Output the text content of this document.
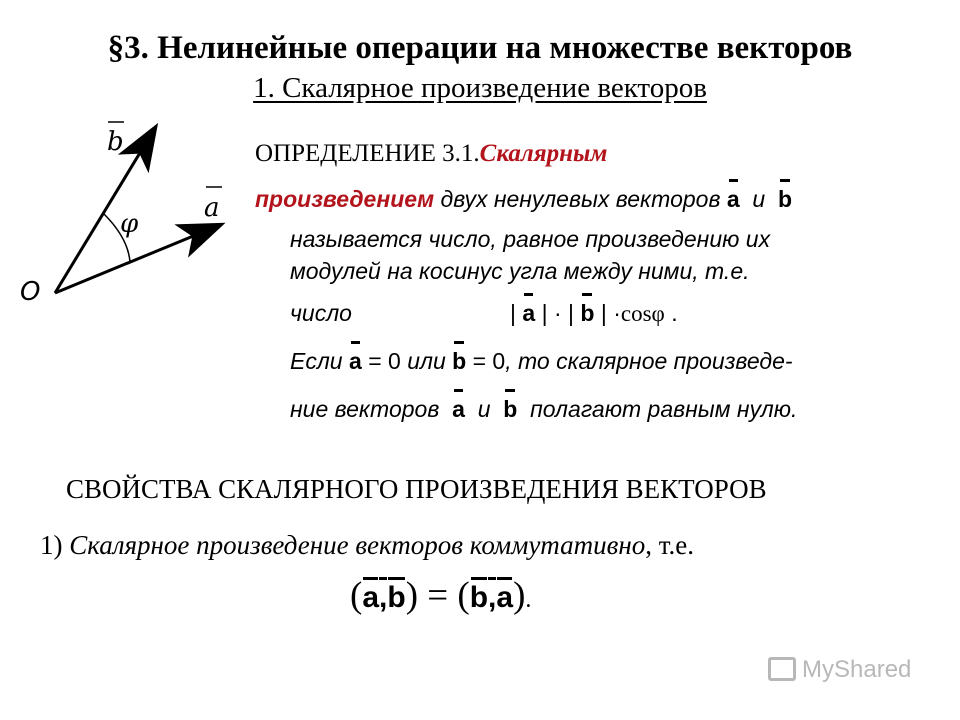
§3. Нелинейные операции на множестве векторов
1. Скалярное произведение векторов
b
a
φ
O
ОПРЕДЕЛЕНИЕ 3.1.Скалярным
произведением двух ненулевых векторов a и b
называется число, равное произведению их
модулей на косинус угла между ними, т.е.
число	| a | · | b | ·cosφ .
Если a = 0 или b = 0, то скалярное произведе-
ние векторов a и b полагают равным нулю.
СВОЙСТВА СКАЛЯРНОГО ПРОИЗВЕДЕНИЯ ВЕКТОРОВ
1) Скалярное произведение векторов коммутативно, т.е.
(a,b) = (b,a).
MyShared
